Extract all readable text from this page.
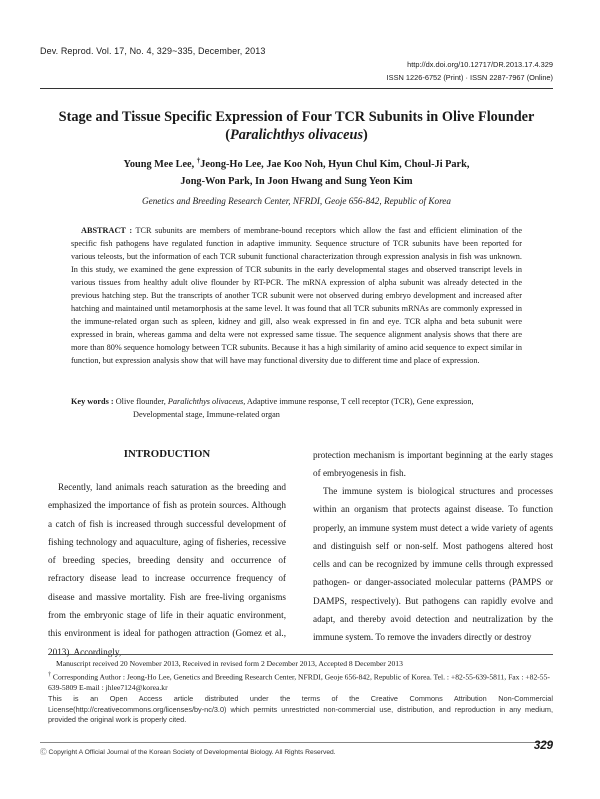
Dev. Reprod. Vol. 17, No. 4, 329~335, December, 2013
http://dx.doi.org/10.12717/DR.2013.17.4.329
ISSN 1226-6752 (Print) · ISSN 2287-7967 (Online)
Stage and Tissue Specific Expression of Four TCR Subunits in Olive Flounder
(Paralichthys olivaceus)
Young Mee Lee, †Jeong-Ho Lee, Jae Koo Noh, Hyun Chul Kim, Choul-Ji Park,
Jong-Won Park, In Joon Hwang and Sung Yeon Kim
Genetics and Breeding Research Center, NFRDI, Geoje 656-842, Republic of Korea
ABSTRACT : TCR subunits are members of membrane-bound receptors which allow the fast and efficient elimination of the specific fish pathogens have regulated function in adaptive immunity. Sequence structure of TCR subunits have been reported for various teleosts, but the information of each TCR subunit functional characterization through expression analysis in fish was unknown. In this study, we examined the gene expression of TCR subunits in the early developmental stages and observed transcript levels in various tissues from healthy adult olive flounder by RT-PCR. The mRNA expression of alpha subunit was already detected in the previous hatching step. But the transcripts of another TCR subunit were not observed during embryo development and increased after hatching and maintained until metamorphosis at the same level. It was found that all TCR subunits mRNAs are commonly expressed in the immune-related organ such as spleen, kidney and gill, also weak expressed in fin and eye. TCR alpha and beta subunit were expressed in brain, whereas gamma and delta were not expressed same tissue. The sequence alignment analysis shows that there are more than 80% sequence homology between TCR subunits. Because it has a high similarity of amino acid sequence to expect similar in function, but expression analysis show that will have may functional diversity due to different time and place of expression.
Key words : Olive flounder, Paralichthys olivaceus, Adaptive immune response, T cell receptor (TCR), Gene expression, Developmental stage, Immune-related organ
INTRODUCTION
Recently, land animals reach saturation as the breeding and emphasized the importance of fish as protein sources. Although a catch of fish is increased through successful development of fishing technology and aquaculture, aging of fisheries, recessive of breeding species, breeding density and occurrence of refractory disease lead to increase occurrence frequency of disease and massive mortality. Fish are free-living organisms from the embryonic stage of life in their aquatic environment, this environment is ideal for pathogen attraction (Gomez et al., 2013). Accordingly,
protection mechanism is important beginning at the early stages of embryogenesis in fish.
The immune system is biological structures and processes within an organism that protects against disease. To function properly, an immune system must detect a wide variety of agents and distinguish self or non-self. Most pathogens altered host cells and can be recognized by immune cells through expressed pathogen- or danger-associated molecular patterns (PAMPS or DAMPS, respectively). But pathogens can rapidly evolve and adapt, and thereby avoid detection and neutralization by the immune system. To remove the invaders directly or destroy
Manuscript received 20 November 2013, Received in revised form 2 December 2013, Accepted 8 December 2013
† Corresponding Author : Jeong-Ho Lee, Genetics and Breeding Research Center, NFRDI, Geoje 656-842, Republic of Korea. Tel. : +82-55-639-5811, Fax : +82-55-639-5809 E-mail : jhlee7124@korea.kr
This is an Open Access article distributed under the terms of the Creative Commons Attribution Non-Commercial License(http://creativecommons.org/licenses/by-nc/3.0) which permits unrestricted non-commercial use, distribution, and reproduction in any medium, provided the original work is properly cited.
Ⓒ Copyright A Official Journal of the Korean Society of Developmental Biology. All Rights Reserved.
329
